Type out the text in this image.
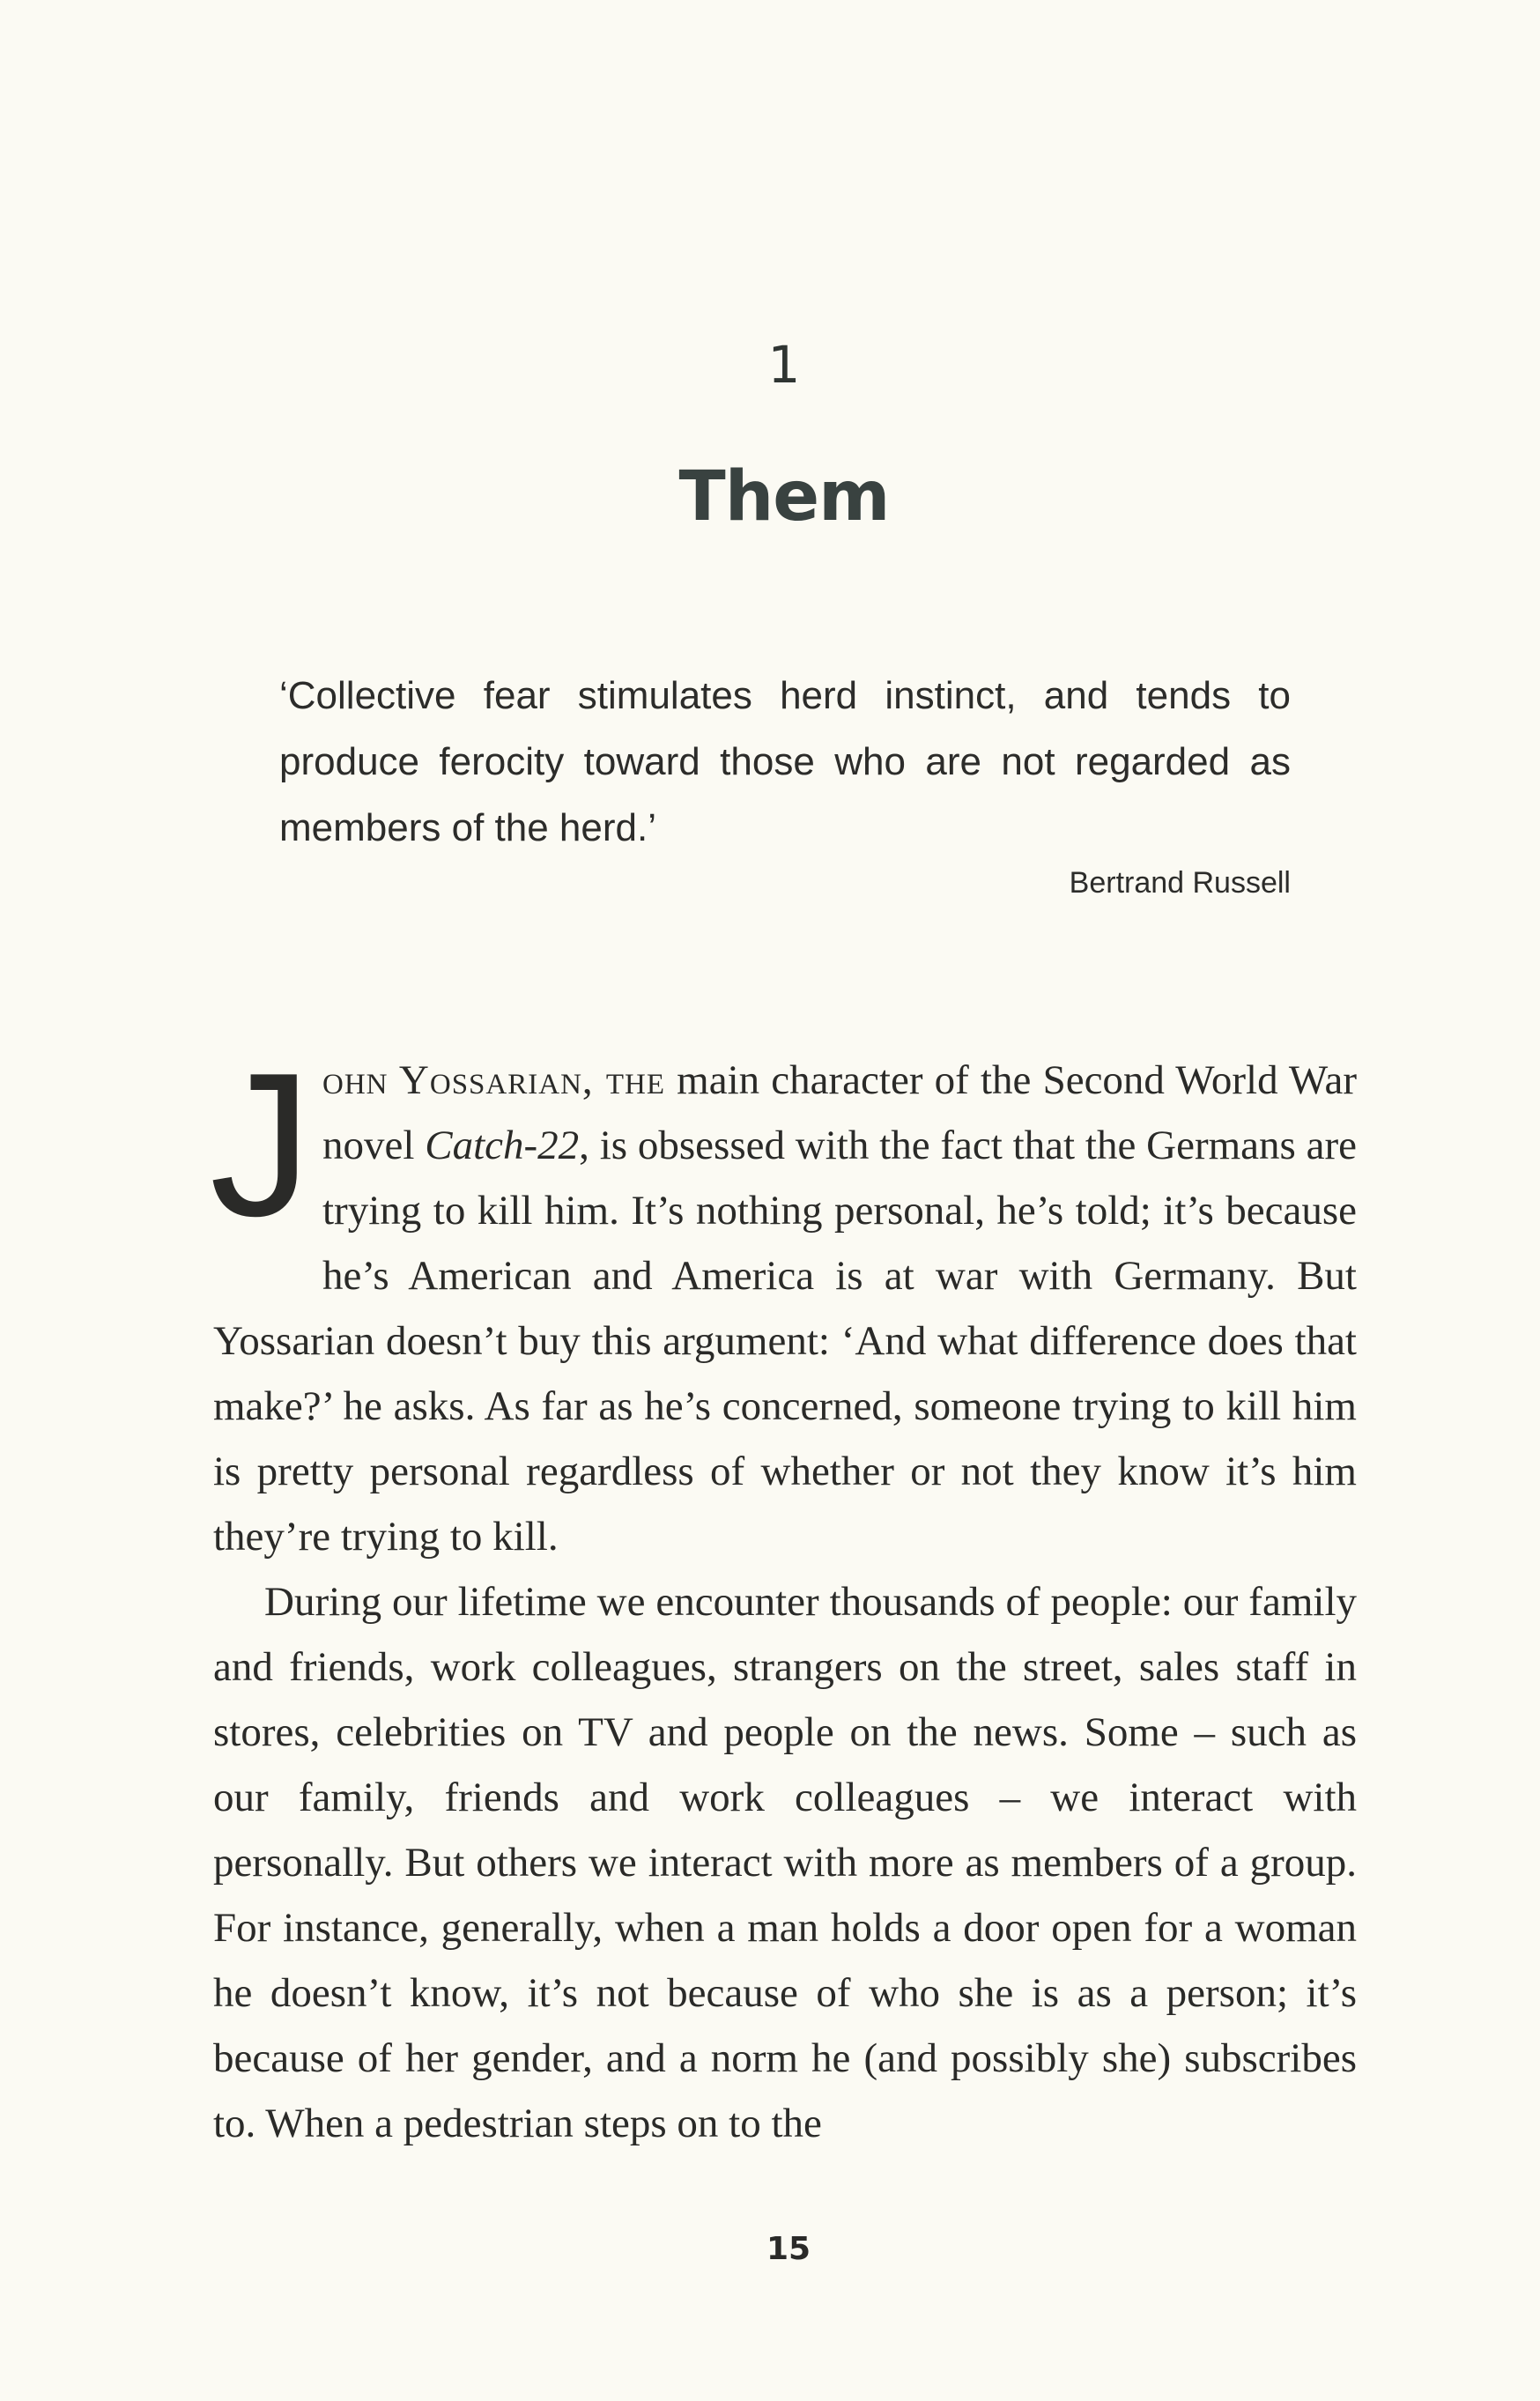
1
Them

‘Collective fear stimulates herd instinct, and tends to produce ferocity toward those who are not regarded as members of the herd.’

Bertrand Russell

John Yossarian, the main character of the Second World War novel Catch-22, is obsessed with the fact that the Germans are trying to kill him. It’s nothing personal, he’s told; it’s because he’s American and America is at war with Germany. But Yossarian doesn’t buy this argument: ‘And what difference does that make?’ he asks. As far as he’s concerned, someone trying to kill him is pretty personal regardless of whether or not they know it’s him they’re trying to kill.

During our lifetime we encounter thousands of people: our family and friends, work colleagues, strangers on the street, sales staff in stores, celebrities on TV and people on the news. Some – such as our family, friends and work colleagues – we interact with personally. But others we interact with more as members of a group. For instance, generally, when a man holds a door open for a woman he doesn’t know, it’s not because of who she is as a person; it’s because of her gender, and a norm he (and possibly she) subscribes to. When a pedestrian steps on to the

15
